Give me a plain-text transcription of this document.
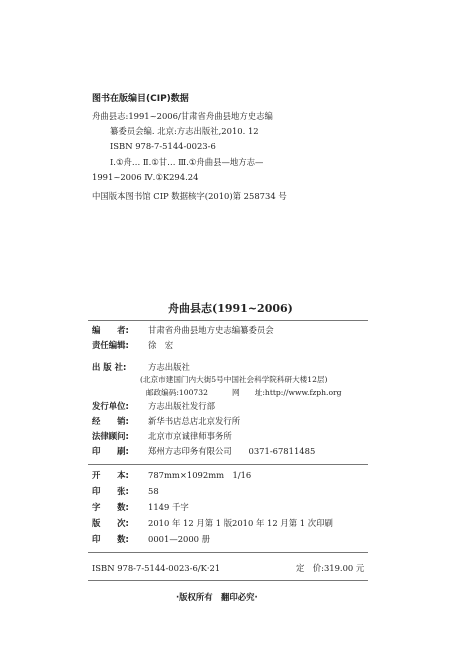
图书在版编目(CIP)数据
舟曲县志:1991~2006/甘肃省舟曲县地方史志编
纂委员会编. 北京:方志出版社,2010. 12
ISBN 978-7-5144-0023-6
Ⅰ.①舟… Ⅱ.①甘… Ⅲ.①舟曲县—地方志—
1991~2006 Ⅳ.①K294.24
中国版本图书馆 CIP 数据核字(2010)第 258734 号
舟曲县志(1991~2006)
编　　者: 甘肃省舟曲县地方史志编纂委员会
责任编辑: 徐　宏
出 版 社:	方志出版社
(北京市建国门内大街5号中国社会科学院科研大楼12层)
邮政编码:100732	网　　址:http://www.fzph.org
发行单位: 方志出版社发行部
经　　销: 新华书店总店北京发行所
法律顾问: 北京市京诚律师事务所
印　　刷: 郑州方志印务有限公司　　0371-67811485
开　　本: 787mm×1092mm　1/16
印　　张: 58
字　　数: 1149 千字
版　　次: 2010 年 12 月第 1 版 2010 年 12 月第 1 次印刷
印　　数: 0001—2000 册
ISBN 978-7-5144-0023-6/K·21	定　价:319.00 元
·版权所有　翻印必究·
